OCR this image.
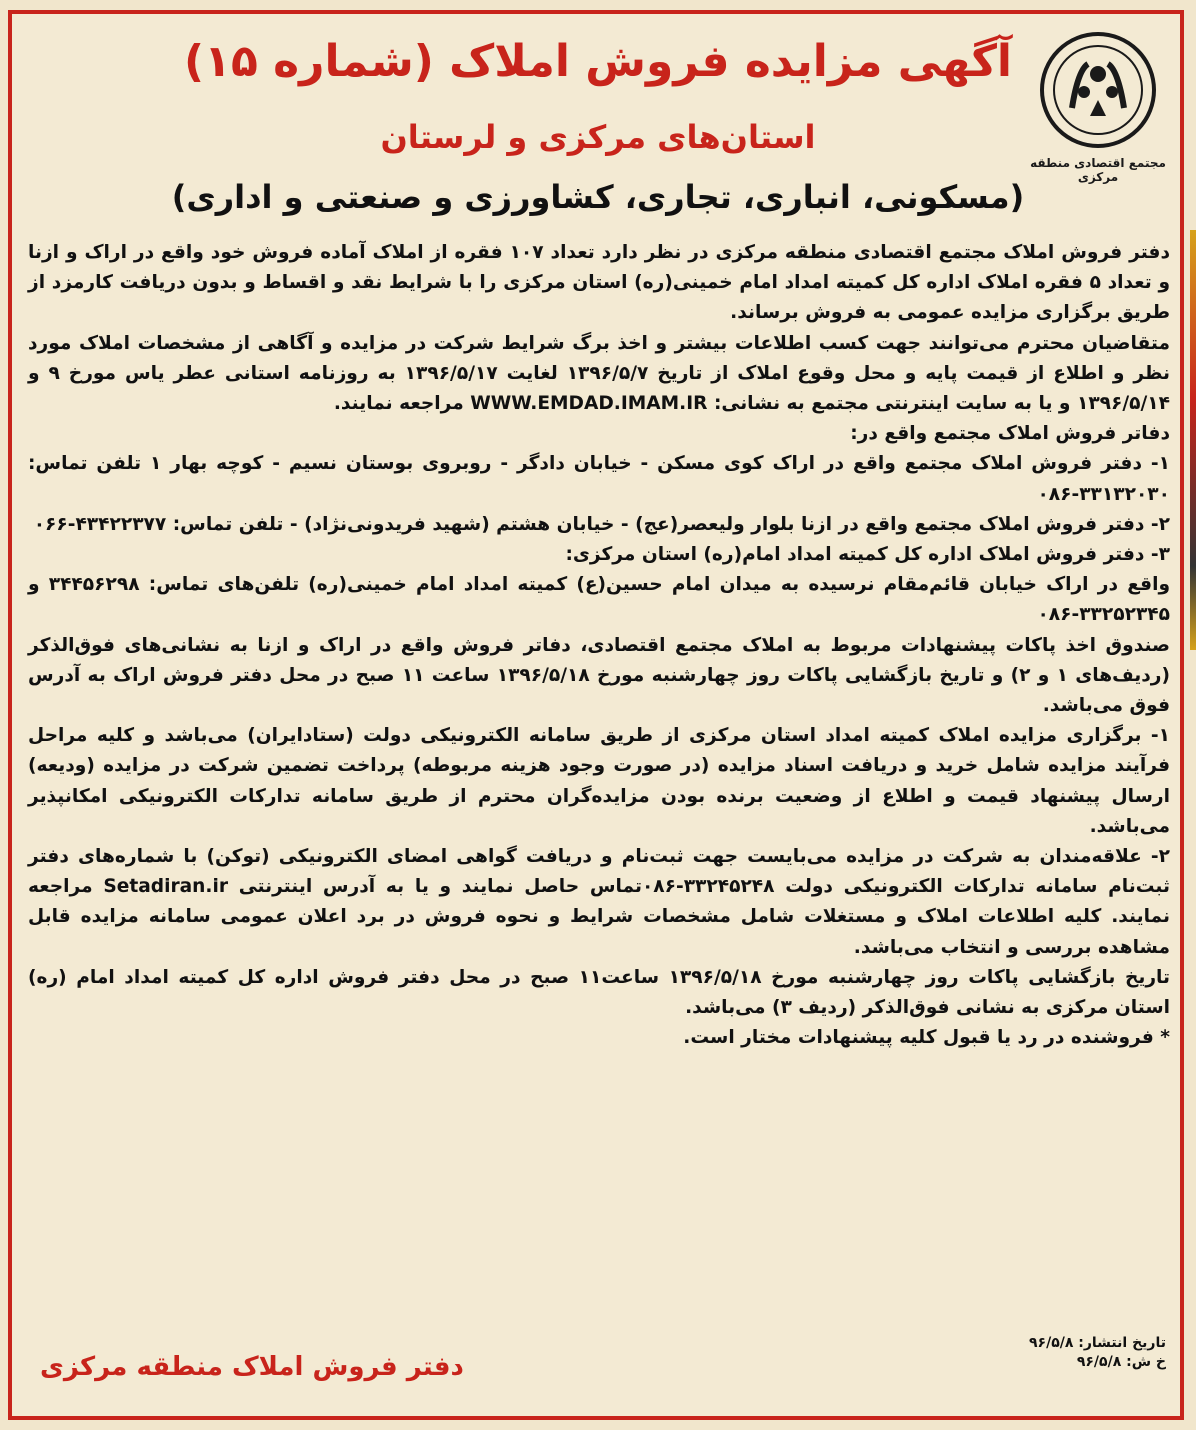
مجتمع اقتصادی منطقه مرکزی
آگهی مزایده فروش املاک (شماره ۱۵)
استان‌های مرکزی و لرستان
(مسکونی، انباری، تجاری، کشاورزی و صنعتی و اداری)

دفتر فروش املاک مجتمع اقتصادی منطقه مرکزی در نظر دارد تعداد ۱۰۷ فقره از املاک آماده فروش خود واقع در اراک و ازنا و تعداد ۵ فقره املاک اداره کل کمیته امداد امام خمینی(ره) استان مرکزی را با شرایط نقد و اقساط و بدون دریافت کارمزد از طریق برگزاری مزایده عمومی به فروش برساند.

متقاضیان محترم می‌توانند جهت کسب اطلاعات بیشتر و اخذ برگ شرایط شرکت در مزایده و آگاهی از مشخصات املاک مورد نظر و اطلاع از قیمت پایه و محل وقوع املاک از تاریخ ۱۳۹۶/۵/۷ لغایت ۱۳۹۶/۵/۱۷ به روزنامه استانی عطر یاس مورخ ۹ و ۱۳۹۶/۵/۱۴ و یا به سایت اینترنتی مجتمع به نشانی: WWW.EMDAD.IMAM.IR مراجعه نمایند.

دفاتر فروش املاک مجتمع واقع در:

۱- دفتر فروش املاک مجتمع واقع در اراک کوی مسکن - خیابان دادگر - روبروی بوستان نسیم - کوچه بهار ۱ تلفن تماس: ۳۳۱۳۲۰۳۰-۰۸۶

۲- دفتر فروش املاک مجتمع واقع در ازنا بلوار ولیعصر(عج) - خیابان هشتم (شهید فریدونی‌نژاد) - تلفن تماس: ۴۳۴۲۲۳۷۷-۰۶۶

۳- دفتر فروش املاک اداره کل کمیته امداد امام(ره) استان مرکزی:

واقع در اراک خیابان قائم‌مقام نرسیده به میدان امام حسین(ع) کمیته امداد امام خمینی(ره) تلفن‌های تماس: ۳۴۴۵۶۲۹۸ و ۳۳۲۵۲۳۴۵-۰۸۶

صندوق اخذ پاکات پیشنهادات مربوط به املاک مجتمع اقتصادی، دفاتر فروش واقع در اراک و ازنا به نشانی‌های فوق‌الذکر (ردیف‌های ۱ و ۲) و تاریخ بازگشایی پاکات روز چهارشنبه مورخ ۱۳۹۶/۵/۱۸ ساعت ۱۱ صبح در محل دفتر فروش اراک به آدرس فوق می‌باشد.

۱- برگزاری مزایده املاک کمیته امداد استان مرکزی از طریق سامانه الکترونیکی دولت (ستادایران) می‌باشد و کلیه مراحل فرآیند مزایده شامل خرید و دریافت اسناد مزایده (در صورت وجود هزینه مربوطه) پرداخت تضمین شرکت در مزایده (ودیعه) ارسال پیشنهاد قیمت و اطلاع از وضعیت برنده بودن مزایده‌گران محترم از طریق سامانه تدارکات الکترونیکی امکانپذیر می‌باشد.

۲- علاقه‌مندان به شرکت در مزایده می‌بایست جهت ثبت‌نام و دریافت گواهی امضای الکترونیکی (توکن) با شماره‌های دفتر ثبت‌نام سامانه تدارکات الکترونیکی دولت ۳۳۲۴۵۲۴۸-۰۸۶تماس حاصل نمایند و یا به آدرس اینترنتی Setadiran.ir مراجعه نمایند. کلیه اطلاعات املاک و مستغلات شامل مشخصات شرایط و نحوه فروش در برد اعلان عمومی سامانه مزایده قابل مشاهده بررسی و انتخاب می‌باشد.

تاریخ بازگشایی پاکات روز چهارشنبه مورخ ۱۳۹۶/۵/۱۸ ساعت۱۱ صبح در محل دفتر فروش اداره کل کمیته امداد امام (ره) استان مرکزی به نشانی فوق‌الذکر (ردیف ۳) می‌باشد.

* فروشنده در رد یا قبول کلیه پیشنهادات مختار است.

تاریخ انتشار: ۹۶/۵/۸
خ ش: ۹۶/۵/۸
دفتر فروش املاک منطقه مرکزی
